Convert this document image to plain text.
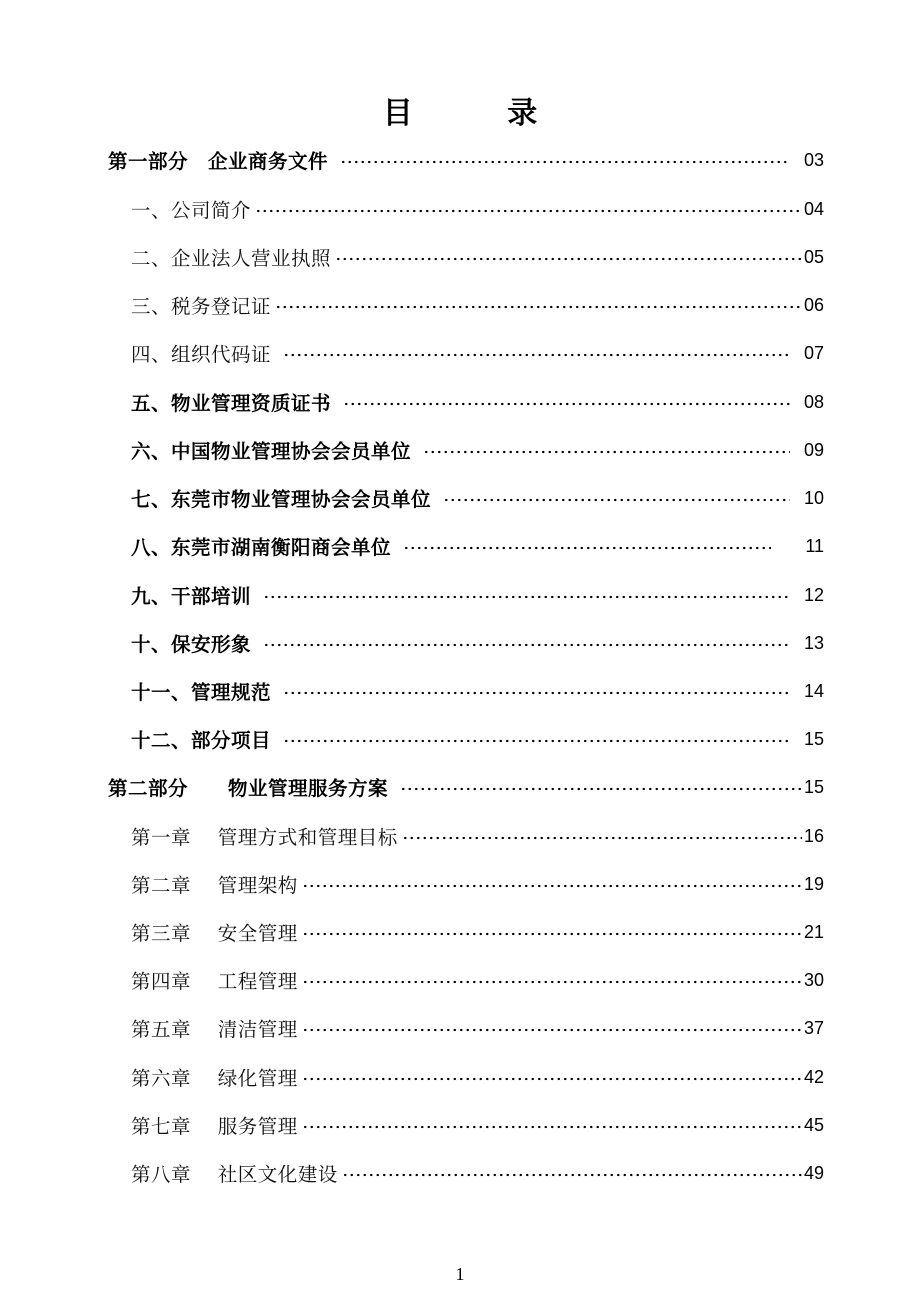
目 录
第一部分　企业商务文件	03
一、公司简介	04
二、企业法人营业执照	05
三、税务登记证	06
四、组织代码证	07
五、物业管理资质证书	08
六、中国物业管理协会会员单位	09
七、东莞市物业管理协会会员单位	10
八、东莞市湖南衡阳商会单位	11
九、干部培训	12
十、保安形象	13
十一、管理规范	14
十二、部分项目	15
第二部分　　物业管理服务方案	15
第一章　 管理方式和管理目标	16
第二章　 管理架构	19
第三章　 安全管理	21
第四章　 工程管理	30
第五章　 清洁管理	37
第六章　 绿化管理	42
第七章　 服务管理	45
第八章　 社区文化建设	49
1
